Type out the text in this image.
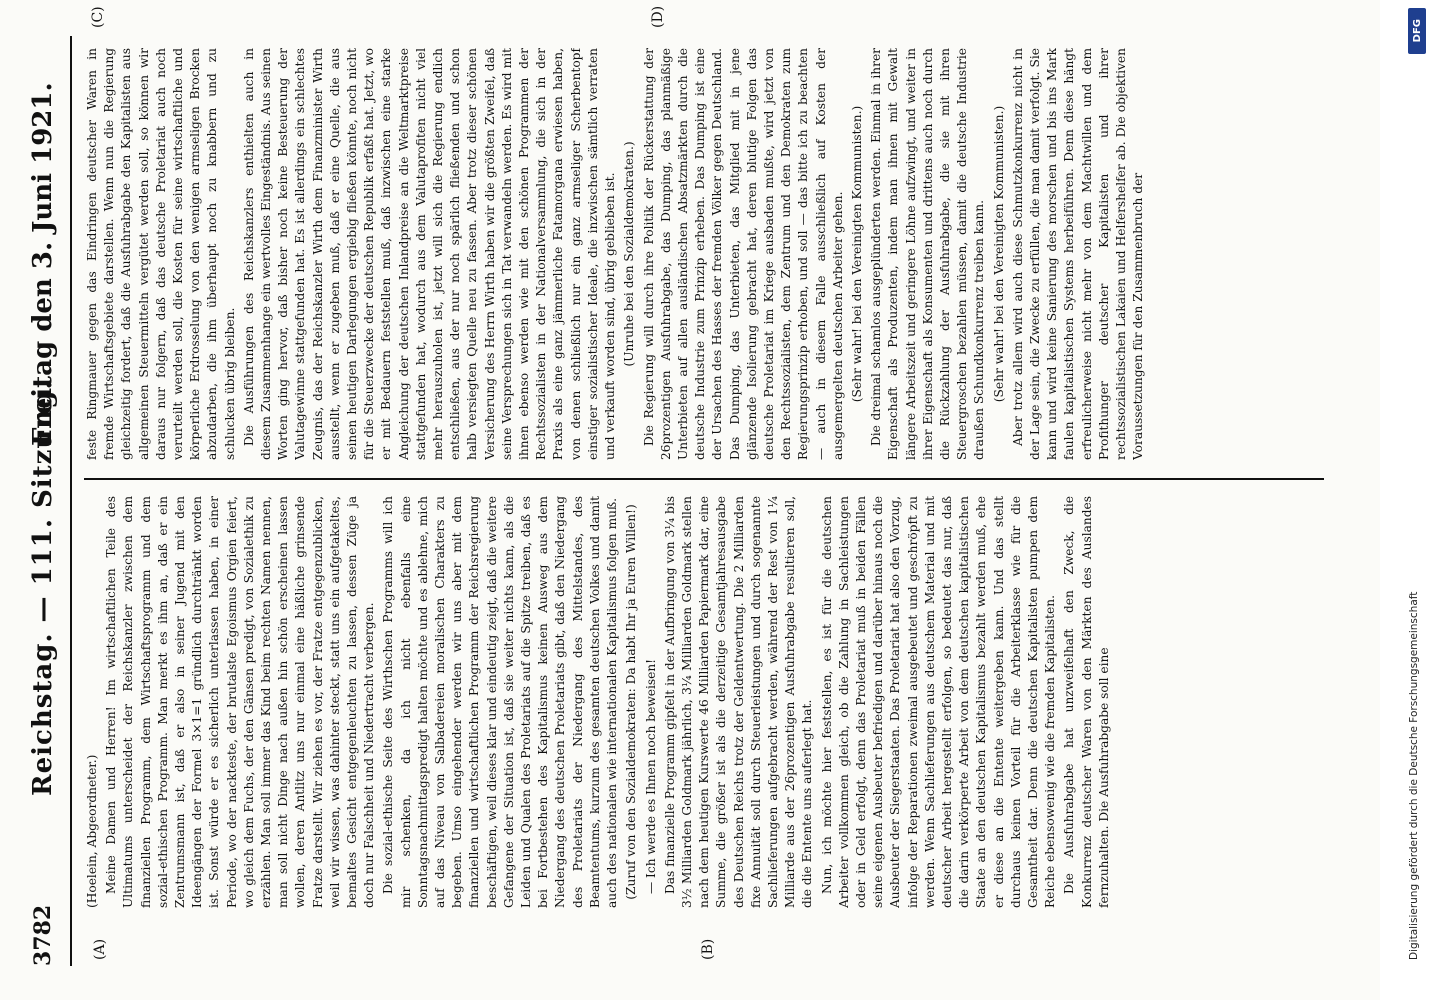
3782
Reichstag. — 111. Sitzung.
Freitag den 3. Juni 1921.
(A)	(B)
(C)	(D)

(Hoelein, Abgeordneter.) Meine Damen und Herren! Im wirtschaftlichen Teile des Ultimatums unterscheidet der Reichskanzler zwischen dem finanziellen Programm, dem Wirtschaftsprogramm und dem sozial-ethischen Programm. Man merkt es ihm an, daß er ein Zentrumsmann ist, daß er also in seiner Jugend mit den Ideengängen der Formel 3×1=1 gründlich durchtränkt worden ist. Sonst würde er es sicherlich unterlassen haben, in einer Periode, wo der nackteste, der brutalste Egoismus Orgien feiert, wo gleich dem Fuchs, der den Gänsen predigt, von Sozialethik zu erzählen. Man soll immer das Kind beim rechten Namen nennen, man soll nicht Dinge nach außen hin schön erscheinen lassen wollen, deren Antlitz uns nur einmal eine häßliche grinsende Fratze darstellt. Wir ziehen es vor, der Fratze entgegenzublicken, weil wir wissen, was dahinter steckt, statt uns ein aufgetakeltes, bemaltes Gesicht entgegenleuchten zu lassen, dessen Züge ja doch nur Falschheit und Niedertracht verbergen. Die sozial-ethische Seite des Wirthschen Programms will ich mir schenken, da ich nicht ebenfalls eine Sonntagsnachmittagspredigt halten möchte und es ablehne, mich auf das Niveau von Salbadereien moralischen Charakters zu begeben. Umso eingehender werden wir uns aber mit dem finanziellen und wirtschaftlichen Programm der Reichsregierung beschäftigen, weil dieses klar und eindeutig zeigt, daß die weitere Gefangene der Situation ist, daß sie weiter nichts kann, als die Leiden und Qualen des Proletariats auf die Spitze treiben, daß es bei Fortbestehen des Kapitalismus keinen Ausweg aus dem Niedergang des deutschen Proletariats gibt, daß den Niedergang des Proletariats der Niedergang des Mittelstandes, des Beamtentums, kurzum des gesamten deutschen Volkes und damit auch des nationalen wie internationalen Kapitalismus folgen muß. (Zuruf von den Sozialdemokraten: Da habt Ihr ja Euren Willen!) — Ich werde es Ihnen noch beweisen! Das finanzielle Programm gipfelt in der Aufbringung von 3¼ bis 3½ Milliarden Goldmark jährlich, 3¼ Milliarden Goldmark stellen nach dem heutigen Kurswerte 46 Milliarden Papiermark dar, eine Summe, die größer ist als die derzeitige Gesamtjahresausgabe des Deutschen Reichs trotz der Geldentwertung. Die 2 Milliarden fixe Annuität soll durch Steuerleistungen und durch sogenannte Sachlieferungen aufgebracht werden, während der Rest von 1¼ Milliarde aus der 26prozentigen Ausfuhrabgabe resultieren soll, die die Entente uns auferlegt hat. Nun, ich möchte hier feststellen, es ist für die deutschen Arbeiter vollkommen gleich, ob die Zahlung in Sachleistungen oder in Geld erfolgt, denn das Proletariat muß in beiden Fällen seine eigenen Ausbeuter befriedigen und darüber hinaus noch die Ausbeuter der Siegerstaaten. Das Proletariat hat also den Vorzug, infolge der Reparationen zweimal ausgebeutet und geschröpft zu werden. Wenn Sachlieferungen aus deutschem Material und mit deutscher Arbeit hergestellt erfolgen, so bedeutet das nur, daß die darin verkörperte Arbeit von dem deutschen kapitalistischen Staate an den deutschen Kapitalismus bezahlt werden muß, ehe er diese an die Entente weitergeben kann. Und das stellt durchaus keinen Vorteil für die Arbeiterklasse wie für die Gesamtheit dar. Denn die deutschen Kapitalisten pumpen dem Reiche ebensowenig wie die fremden Kapitalisten. Die Ausfuhrabgabe hat unzweifelhaft den Zweck, die Konkurrenz deutscher Waren von den Märkten des Auslandes fernzuhalten. Die Ausfuhrabgabe soll eine

feste Ringmauer gegen das Eindringen deutscher Waren in fremde Wirtschaftsgebiete darstellen. Wenn nun die Regierung gleichzeitig fordert, daß die Ausfuhrabgabe den Kapitalisten aus allgemeinen Steuermitteln vergütet werden soll, so können wir daraus nur folgern, daß das deutsche Proletariat auch noch verurteilt werden soll, die Kosten für seine wirtschaftliche und körperliche Erdrosselung von den wenigen armseligen Brocken abzudarben, die ihm überhaupt noch zu knabbern und zu schlucken übrig bleiben. Die Ausführungen des Reichskanzlers enthielten auch in diesem Zusammenhange ein wertvolles Eingeständnis. Aus seinen Worten ging hervor, daß bisher noch keine Besteuerung der Valutagewinne stattgefunden hat. Es ist allerdings ein schlechtes Zeugnis, das der Reichskanzler Wirth dem Finanzminister Wirth ausstellt, wenn er zugeben muß, daß er eine Quelle, die aus seinen heutigen Darlegungen ergiebig fließen könnte, noch nicht für die Steuerzwecke der deutschen Republik erfaßt hat. Jetzt, wo er mit Bedauern feststellen muß, daß inzwischen eine starke Angleichung der deutschen Inlandpreise an die Weltmarktpreise stattgefunden hat, wodurch aus dem Valutaprofiten nicht viel mehr herauszuholen ist, jetzt will sich die Regierung endlich entschließen, aus der nur noch spärlich fließenden und schon halb versiegten Quelle neu zu fassen. Aber trotz dieser schönen Versicherung des Herrn Wirth haben wir die größten Zweifel, daß seine Versprechungen sich in Tat verwandeln werden. Es wird mit ihnen ebenso werden wie mit den schönen Programmen der Rechtssozialisten in der Nationalversammlung, die sich in der Praxis als eine ganz jämmerliche Fatamorgana erwiesen haben, von denen schließlich nur ein ganz armseliger Scherbentopf einstiger sozialistischer Ideale, die inzwischen sämtlich verraten und verkauft worden sind, übrig geblieben ist. (Unruhe bei den Sozialdemokraten.) Die Regierung will durch ihre Politik der Rückerstattung der 26prozentigen Ausfuhrabgabe, das Dumping, das planmäßige Unterbieten auf allen ausländischen Absatzmärkten durch die deutsche Industrie zum Prinzip erheben. Das Dumping ist eine der Ursachen des Hasses der fremden Völker gegen Deutschland. Das Dumping, das Unterbieten, das Mitglied mit in jene glänzende Isolierung gebracht hat, deren blutige Folgen das deutsche Proletariat im Kriege ausbaden mußte, wird jetzt von den Rechtssozialisten, dem Zentrum und den Demokraten zum Regierungsprinzip erhoben, und soll — das bitte ich zu beachten — auch in diesem Falle ausschließlich auf Kosten der ausgemergelten deutschen Arbeiter gehen. (Sehr wahr! bei den Vereinigten Kommunisten.) Die dreimal schamlos ausgeplünderten werden. Einmal in ihrer Eigenschaft als Produzenten, indem man ihnen mit Gewalt längere Arbeitszeit und geringere Löhne aufzwingt, und weiter in ihrer Eigenschaft als Konsumenten und drittens auch noch durch die Rückzahlung der Ausfuhrabgabe, die sie mit ihren Steuergroschen bezahlen müssen, damit die deutsche Industrie draußen Schundkonkurrenz treiben kann. (Sehr wahr! bei den Vereinigten Kommunisten.) Aber trotz allem wird auch diese Schmutzkonkurrenz nicht in der Lage sein, die Zwecke zu erfüllen, die man damit verfolgt. Sie kann und wird keine Sanierung des morschen und bis ins Mark faulen kapitalistischen Systems herbeiführen. Denn diese hängt erfreulicherweise nicht mehr von dem Machtwillen und dem Profithunger deutscher Kapitalisten und ihrer rechtssozialistischen Lakaien und Helfershelfer ab. Die objektiven Voraussetzungen für den Zusammenbruch der

DFG
Digitalisierung gefördert durch die Deutsche Forschungsgemeinschaft
